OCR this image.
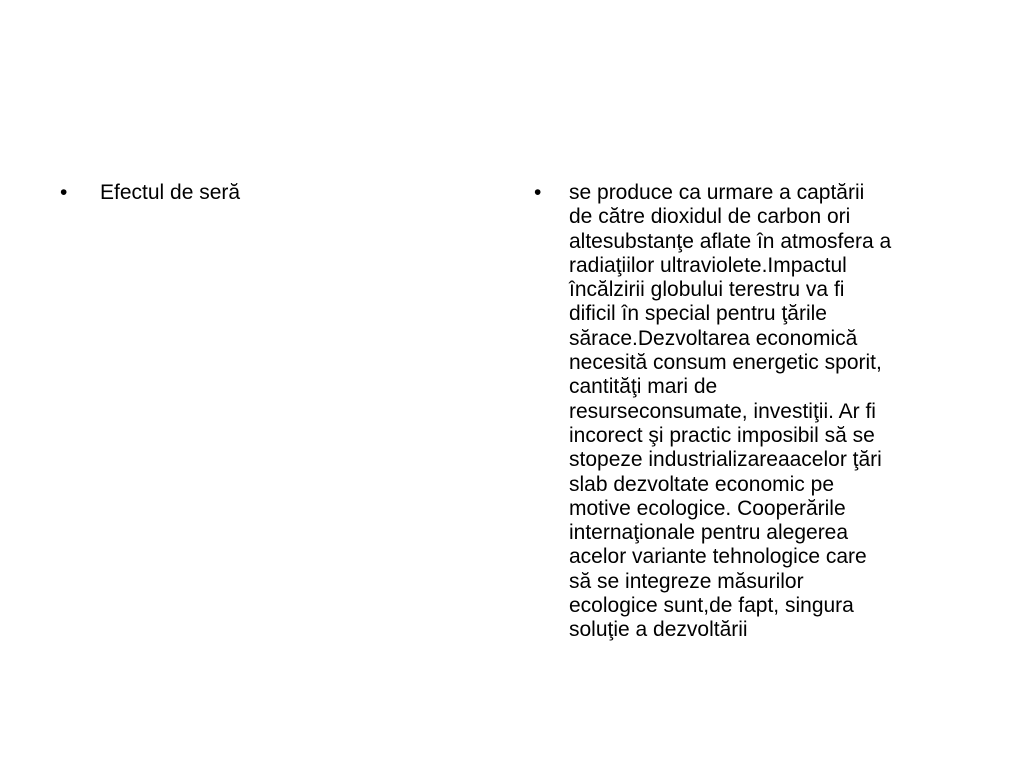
• Efectul de seră	• se produce ca urmare a captării
de către dioxidul de carbon ori
altesubstanţe aflate în atmosfera a
radiaţiilor ultraviolete.Impactul
încălzirii globului terestru va fi
dificil în special pentru ţările
sărace.Dezvoltarea economică
necesită consum energetic sporit,
cantităţi mari de
resurseconsumate, investiţii. Ar fi
incorect şi practic imposibil să se
stopeze industrializareaacelor ţări
slab dezvoltate economic pe
motive ecologice. Cooperările
internaţionale pentru alegerea
acelor variante tehnologice care
să se integreze măsurilor
ecologice sunt,de fapt, singura
soluţie a dezvoltării
